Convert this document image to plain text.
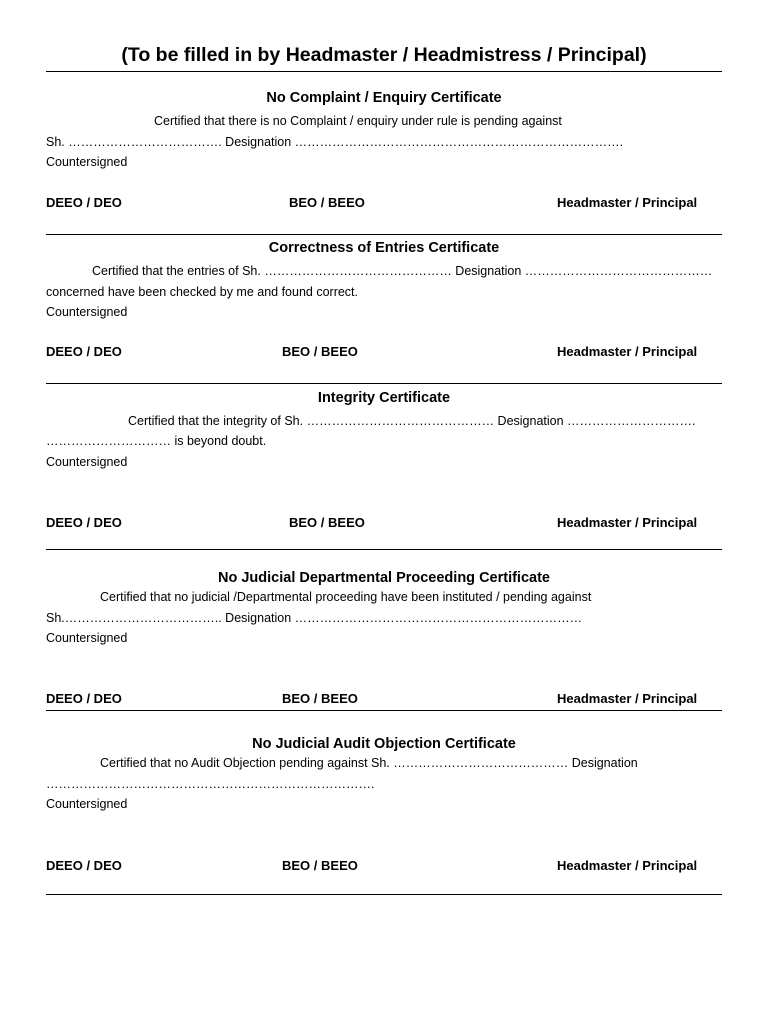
(To be filled in by Headmaster / Headmistress / Principal)
No Complaint / Enquiry Certificate
Certified that there is no Complaint / enquiry under rule is pending against
Sh. ………………………………. Designation …………………………………………………………………….
Countersigned
DEEO / DEO	BEO / BEEO	Headmaster / Principal
Correctness of Entries Certificate
Certified that the entries of Sh. ……………………………………… Designation ………………………………………
concerned have been checked by me and found correct.
Countersigned
DEEO / DEO	BEO / BEEO	Headmaster / Principal
Integrity Certificate
Certified that the integrity of Sh. ……………………………………… Designation ………………………….
………………………… is beyond doubt.
Countersigned
DEEO / DEO	BEO / BEEO	Headmaster / Principal
No Judicial Departmental Proceeding Certificate
Certified that no judicial /Departmental proceeding have been instituted / pending against
Sh.……………………………….. Designation ……………………………………………………………
Countersigned
DEEO / DEO	BEO / BEEO	Headmaster / Principal
No Judicial Audit Objection Certificate
Certified that no Audit Objection pending against Sh. …………………………………… Designation
…………………………………………………………………….
Countersigned
DEEO / DEO	BEO / BEEO	Headmaster / Principal
